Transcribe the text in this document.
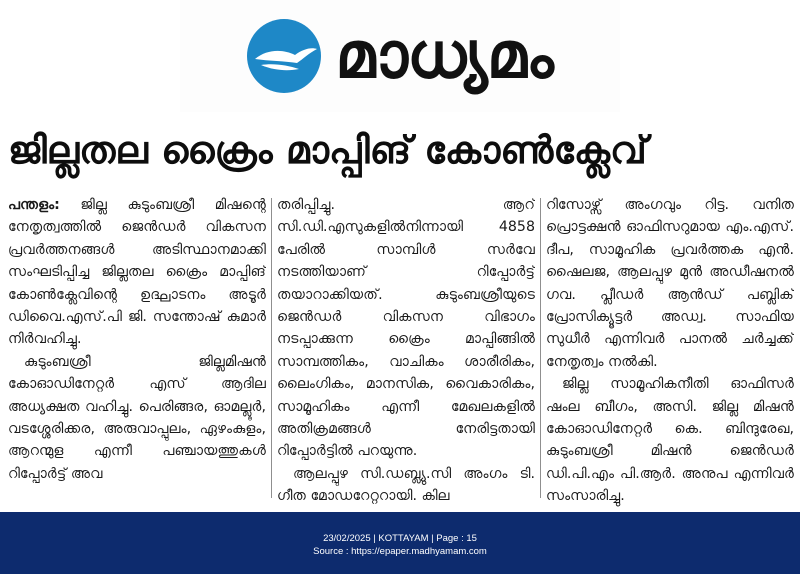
മാധ്യമം
ജില്ലതല ക്രൈം മാപ്പിങ് കോൺക്ലേവ്

പന്തളം: ജില്ല കുടുംബശ്രീ മിഷന്റെ നേതൃത്വത്തിൽ ജെൻഡർ വികസന പ്രവർത്തനങ്ങൾ അടിസ്ഥാനമാക്കി സംഘടിപ്പിച്ച ജില്ലതല ക്രൈം മാപ്പിങ് കോൺക്ലേവിന്റെ ഉദ്ഘാടനം അടൂർ ഡിവൈ.എസ്.പി ജി. സന്തോഷ് കുമാർ നിർവഹിച്ചു.

കുടുംബശ്രീ ജില്ലമിഷൻ കോഓഡിനേറ്റർ എസ് ആദില അധ്യക്ഷത വഹിച്ചു. പെരിങ്ങര, ഓമല്ലൂർ, വടശ്ശേരിക്കര, അരുവാപ്പുലം, ഏഴംകുളം, ആറന്മുള എന്നീ പഞ്ചായത്തുകൾ റിപ്പോർട്ട് അവ

തരിപ്പിച്ചു. ആറ് സി.ഡി.എസുകളിൽനിന്നായി 4858 പേരിൽ സാമ്പിൾ സർവേ നടത്തിയാണ് റിപ്പോർട്ട് തയാറാക്കിയത്. കുടുംബശ്രീയുടെ ജെൻഡർ വികസന വിഭാഗം നടപ്പാക്കുന്ന ക്രൈം മാപ്പിങ്ങിൽ സാമ്പത്തികം, വാചികം ശാരീരികം, ലൈംഗികം, മാനസിക, വൈകാരികം, സാമൂഹികം എന്നീ മേഖലകളിൽ അതിക്രമങ്ങൾ നേരിട്ടതായി റിപ്പോർട്ടിൽ പറയുന്നു.

ആലപ്പുഴ സി.ഡബ്ല്യു.സി അംഗം ടി. ഗീത മോഡറേറ്ററായി. കില

റിസോഴ്സ് അംഗവും റിട്ട. വനിത പ്രൊട്ടക്ഷൻ ഓഫിസറുമായ എം.എസ്. ദീപ, സാമൂഹിക പ്രവർത്തക എൻ. ഷൈലജ, ആലപ്പുഴ മുൻ അഡീഷനൽ ഗവ. പ്ലീഡർ ആൻഡ് പബ്ലിക് പ്രോസിക്യൂട്ടർ അഡ്വ. സാഫിയ സുധീർ എന്നിവർ പാനൽ ചർച്ചക്ക് നേതൃത്വം നൽകി.

ജില്ല സാമൂഹികനീതി ഓഫിസർ ഷംല ബീഗം, അസി. ജില്ല മിഷൻ കോഓഡിനേറ്റർ കെ. ബിന്ദുരേഖ, കുടുംബശ്രീ മിഷൻ ജെൻഡർ ഡി.പി.എം പി.ആർ. അനുപ എന്നിവർ സംസാരിച്ചു.

23/02/2025 | KOTTAYAM | Page : 15
Source : https://epaper.madhyamam.com
